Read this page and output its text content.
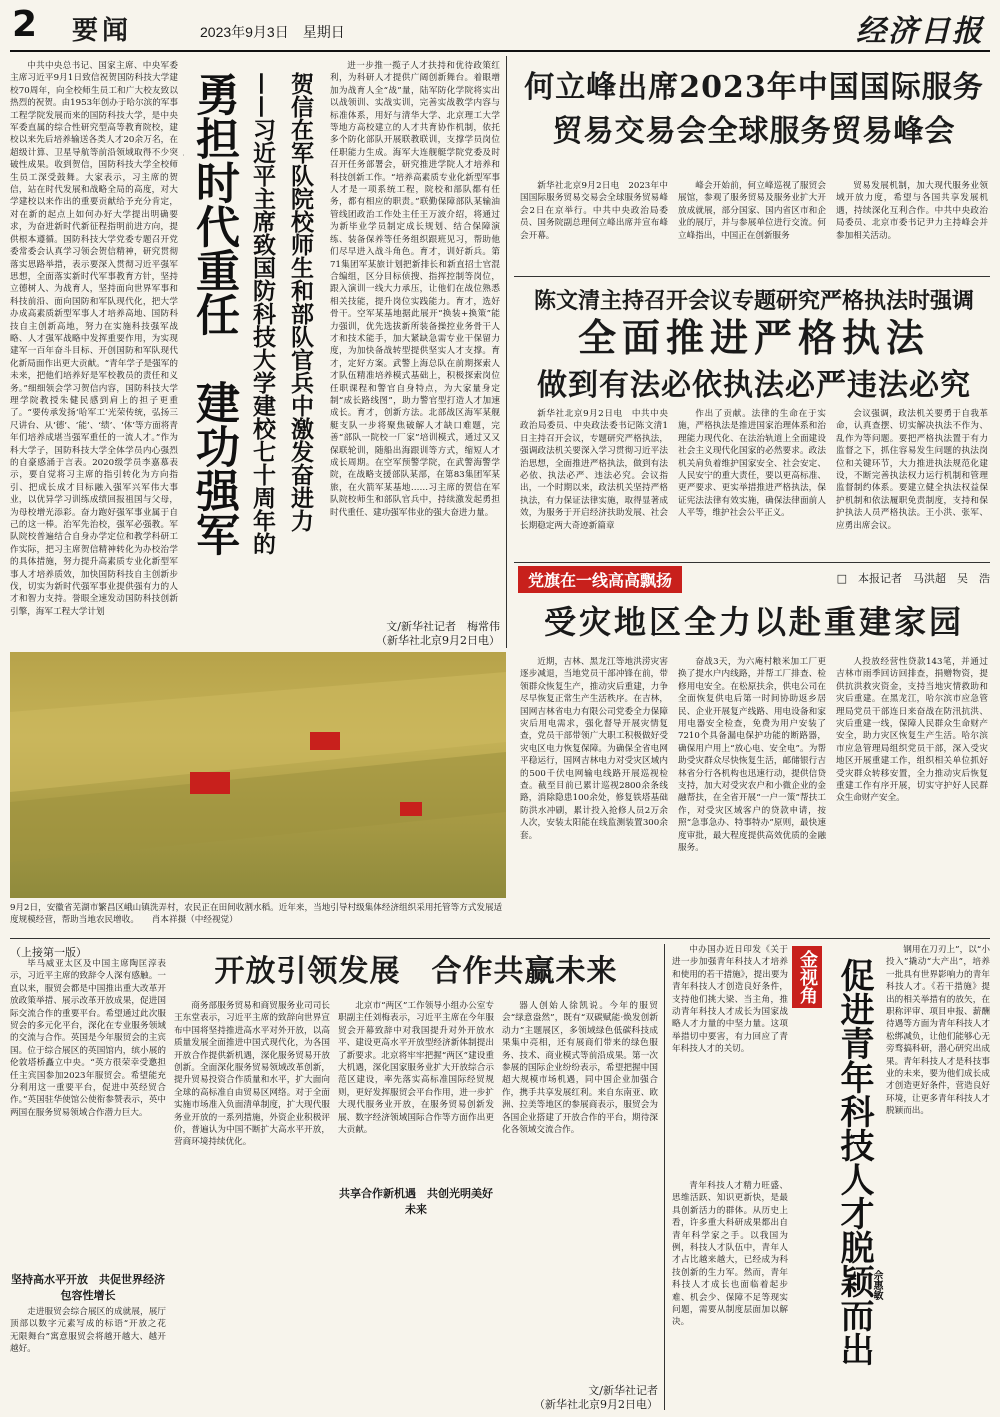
2 要闻	2023年9月3日　星期日	经济日报
中共中央总书记、国家主席、中央军委主席习近平9月1日致信祝贺国防科技大学建校70周年，向全校师生员工和广大校友致以热烈的祝贺。由1953年创办于哈尔滨的军事工程学院发展而来的国防科技大学，是中央军委直属的综合性研究型高等教育院校，建校以来先后培养输送各类人才20余万名，在超级计算、卫星导航等前沿领域取得不少突破性成果。收到贺信，国防科技大学全校师生员工深受鼓舞。大家表示，习主席的贺信，站在时代发展和战略全局的高度，对大学建校以来作出的重要贡献给予充分肯定，对在新的起点上如何办好大学提出明确要求，为奋进新时代新征程指明前进方向，提供根本遵循。国防科技大学党委专题召开党委常委会认真学习领会贺信精神，研究贯彻落实思路举措，表示要深入贯彻习近平强军思想，全面落实新时代军事教育方针，坚持立德树人、为战育人，坚持面向世界军事和科技前沿、面向国防和军队现代化，把大学办成高素质新型军事人才培养高地、国防科技自主创新高地，努力在实施科技强军战略、人才强军战略中发挥重要作用，为实现建军一百年奋斗目标、开创国防和军队现代化新局面作出更大贡献。“青年学子是强军的未来，把他们培养好是军校教员的责任和义务。”细细领会学习贺信内容，国防科技大学理学院教授朱健民感到肩上的担子更重了。“要传承发扬‘哈军工’光荣传统，弘扬三尺讲台、从‘德’、‘能’、‘绩’、‘体’等方面将青年们培养成堪当强军重任的一流人才。”作为科大学子，国防科技大学全体学员内心强烈的自豪感涌于言表。2020级学员李嘉慕表示，要自觉将习主席的指引转化为方向指引、把成长成才目标融入强军兴军伟大事业，以优异学习训练成绩回报祖国与父母，为母校增光添彩。奋力跑好强军事业属于自己的这一棒。治军先治校，强军必强教。军队院校普遍结合自身办学定位和教学科研工作实际，把习主席贺信精神转化为办校治学的具体措施，努力提升高素质专业化新型军事人才培养质效，加快国防科技自主创新步伐，切实为新时代强军事业提供强有力的人才和智力支持。誉眼全速发动国防科技创新引擎，海军工程大学计划
勇担时代重任　建功强军
贺信在军队院校师生和部队官兵中激发奋进力
——习近平主席致国防科技大学建校七十周年的
进一步推一揽子人才扶持和优待政策红利，为科研人才提供广阔创新舞台。着眼增加为战育人全“战”量，陆军防化学院将实出以战领训、实战实训，完善实战教学内容与标准体系，用好与清华大学、北京理工大学等地方高校建立的人才共育协作机制，依托多个防化部队开展联教联训，支撑学员岗位任职能力生成。海军大连舰艇学院党委及时召开任务部署会，研究推进学院人才培养和科技创新工作。“培养高素质专业化新型军事人才是一项系统工程，院校和部队都有任务，都有相应的职责。”联勤保障部队某输油管线团政治工作处主任王万波介绍，将通过为新毕业学员制定成长规划、结合保障演练、装备保养等任务组织跟班见习，帮助他们尽早进入战斗角色。育才，训好新兵。第71集团军某旅计划把新排长和新直招士官混合编组，区分目标侦搜、指挥控制等岗位，跟入演训一线大力承压，让他们在战位熟悉相关技能，提升岗位实践能力。育才，选好骨干。空军某基地据此展开“换装+换策”能力强训，优先选拔新所装备操控业务骨干人才和技术能手，加大紧缺急需专业干保留力度，为加快备战转型提供坚实人才支撑。育才，定好方案。武警上海总队在前期探索人才队伍精准培养模式基础上，积极探索岗位任职课程和警官自身特点，为大家量身定制“成长路线图”，助力警官型打造人才加速成长。育才，创新方法。北部战区海军某舰艇支队一步将聚焦破解人才缺口难题，完善“部队一院校一厂家”培训模式，通过又又保联轮训，随船出海跟训等方式，缩短人才成长周期。在空军预警学院，在武警海警学院，在战略支援部队某部，在第83集团军某旅，在火箭军某基地……习主席的贺信在军队院校师生和部队官兵中，持续激发起勇担时代重任、建功强军伟业的强大奋进力量。
文/新华社记者　梅常伟
（新华社北京9月2日电）
何立峰出席2023年中国国际服务
贸易交易会全球服务贸易峰会
新华社北京9月2日电　2023年中国国际服务贸易交易会全球服务贸易峰会2日在京举行。中共中央政治局委员、国务院副总理何立峰出席并宣布峰会开幕。
峰会开始前，何立峰巡视了服贸会展馆，参观了服务贸易及服务业扩大开放成就展，部分国家、国内省区市和企业的展厅，并与参展单位进行交流。何立峰指出，中国正在创新服务
贸易发展机制，加大现代服务业领域开放力度，希望与各国共享发展机遇，持续深化互利合作。中共中央政治局委员、北京市委书记尹力主持峰会并参加相关活动。
陈文清主持召开会议专题研究严格执法时强调
全面推进严格执法
做到有法必依执法必严违法必究
新华社北京9月2日电　中共中央政治局委员、中央政法委书记陈文清1日主持召开会议，专题研究严格执法，强调政法机关要深入学习贯彻习近平法治思想，全面推进严格执法，做到有法必依、执法必严、违法必究。会议指出，一个时期以来，政法机关坚持严格执法，有力保证法律实施，取得显著成效，为服务于开启经济扶助发展、社会长期稳定两大奇迹新篇章
作出了贡献。法律的生命在于实施，严格执法是推进国家治理体系和治理能力现代化、在法治轨道上全面建设社会主义现代化国家的必然要求。政法机关肩负着维护国家安全、社会安定、人民安宁的重大责任，要以更高标准、更严要求、更实举措推进严格执法，保证宪法法律有效实施，确保法律面前人人平等，维护社会公平正义。
会议强调，政法机关要勇于自我革命，认真查摆、切实解决执法不作为、乱作为等问题。要把严格执法置于有力监督之下，抓住容易发生问题的执法岗位和关键环节，大力推进执法规范化建设，不断完善执法权力运行机制和管理监督制约体系。要建立健全执法权益保护机制和依法履职免责制度，支持和保护执法人员严格执法。王小洪、张军、应勇出席会议。
党旗在一线高高飘扬	□　本报记者　马洪超　吴　浩
受灾地区全力以赴重建家园
近期，吉林、黑龙江等地洪涝灾害逐步减退，当地党员干部冲锋在前，带领群众恢复生产，推动灾后重建，力争尽早恢复正常生产生活秩序。在吉林，国网吉林省电力有限公司党委全力保障灾后用电需求，强化督导开展灾情复查，党员干部带领广大职工积极做好受灾电区电力恢复保障。为确保全省电网平稳运行，国网吉林电力对受灾区域内的500千伏电网输电线路开展巡视检查。截至目前已累计巡视2800余条线路，消除隐患100余处，修复铁塔基础防洪水冲刷，累计投入抢修人员2万余人次，安装太阳能在线监测装置300余套。
奋战3天，为六庵村粮米加工厂更换了提水户内线路，并帮工厂排查、检修用电安全。在松原扶余，供电公司在全面恢复供电后第一时间协助返乡居民、企业开展复产线路、用电设备和家用电器安全检查，免费为用户安装了7210个具备漏电保护功能的断路器，确保用户用上“放心电、安全电”。为帮助受灾群众尽快恢复生活，邮储银行吉林省分行各机构也迅速行动，提供信贷支持，加大对受灾农户和小微企业的金融帮扶，在全省开展“一户一策”帮扶工作，对受灾区域客户的贷款申请，按照“急事急办、特事特办”原则，最快速度审批，最大程度提供高效优质的金融服务。
人投放经营性贷款143笔，并通过吉林市雨季回访回排查，捐赠物资，提供抗洪救灾资金，支持当地灾情救助和灾后重建。在黑龙江，哈尔滨市应急管理局党员干部连日来奋战在防汛抗洪、灾后重建一线，保障人民群众生命财产安全，助力灾区恢复生产生活。哈尔滨市应急管理局组织党员干部，深入受灾地区开展重建工作，组织相关单位抓好受灾群众转移安置，全力推动灾后恢复重建工作有序开展，切实守护好人民群众生命财产安全。
9月2日，安徽省芜湖市繁昌区峨山镇洗弄村，农民正在田间收割水稻。近年来，当地引导村级集体经济组织采用托管等方式发展适度规模经营，帮助当地农民增收。　　肖本祥摄（中经视觉）
（上接第一版）
开放引领发展　合作共赢未来
毕马威亚太区及中国主席陶匡淳表示，习近平主席的致辞令人深有感触。一直以来，服贸会都是中国推出重大改革开放政策举措、展示改革开放成果，促进国际交流合作的重要平台。希望通过此次服贸会的多元化平台，深化在专业服务领域的交流与合作。英国是今年服贸会的主宾国。位于综合展区的英国馆内，缤小展的伦敦塔桥矗立中央。“英方很荣幸受邀担任主宾国参加2023年服贸会。希望能充分利用这一重要平台，促进中英经贸合作。”英国驻华使馆公使衔参赞表示，英中两国在服务贸易领域合作潜力巨大。
坚持高水平开放　共促世界经济包容性增长
走进服贸会综合展区的成就展，展厅顶部以数字元素写成的标语“开放之花　无限舞台”寓意服贸会将越开越大、越开越好。
商务部服务贸易和商贸服务业司司长王东堂表示，习近平主席的致辞向世界宣布中国将坚持推进高水平对外开放，以高质量发展全面推进中国式现代化，为各国开放合作提供新机遇，深化服务贸易开放创新。全面深化服务贸易领域改革创新，提升贸易投资合作质量和水平，扩大面向全球的高标准自由贸易区网络。对于全面实施市场准入负面清单制度，扩大现代服务业开放的一系列措施，外资企业积极评价，普遍认为中国不断扩大高水平开放，营商环境持续优化。
北京市“两区”工作领导小组办公室专职副主任刘梅表示，习近平主席在今年服贸会开幕致辞中对我国提升对外开放水平、建设更高水平开放型经济新体制提出了新要求。北京将牢牢把握“两区”建设重大机遇，深化国家服务业扩大开放综合示范区建设，率先落实高标准国际经贸规则，更好发挥服贸会平台作用，进一步扩大现代服务业开放，在服务贸易创新发展、数字经济领域国际合作等方面作出更大贡献。
共享合作新机遇　共创光明美好未来
器人创始人徐凯说。今年的服贸会“绿意盎然”，既有“双碳赋能·焕发创新动力”主题展区，多领域绿色低碳科技成果集中亮相，还有展商们带来的绿色服务、技术、商业模式等前沿成果。第一次参展的国际企业纷纷表示，希望把握中国超大规模市场机遇，同中国企业加强合作，携手共享发展红利。来自东南亚、欧洲、拉美等地区的参展商表示，服贸会为各国企业搭建了开放合作的平台，期待深化各领域交流合作。
文/新华社记者
（新华社北京9月2日电）
金视角 促进青年科技人才脱颖而出
佘惠敏
中办国办近日印发《关于进一步加强青年科技人才培养和使用的若干措施》，提出要为青年科技人才创造良好条件，支持他们挑大梁、当主角，推动青年科技人才成长为国家战略人才力量的中坚力量。这项举措切中要害，有力回应了青年科技人才的关切。
青年科技人才精力旺盛、思维活跃、知识更新快，是最具创新活力的群体。从历史上看，许多重大科研成果都出自青年科学家之手。以我国为例，科技人才队伍中，青年人才占比越来越大，已经成为科技创新的生力军。然而，青年科技人才成长也面临着起步难、机会少、保障不足等现实问题，需要从制度层面加以解决。
钢用在刀刃上”，以“小投入”撬动“大产出”，培养一批具有世界影响力的青年科技人才。《若干措施》提出的相关举措有的放矢，在职称评审、项目申报、薪酬待遇等方面为青年科技人才松绑减负，让他们能够心无旁骛搞科研，潜心研究出成果。青年科技人才是科技事业的未来，要为他们成长成才创造更好条件，营造良好环境，让更多青年科技人才脱颖而出。
